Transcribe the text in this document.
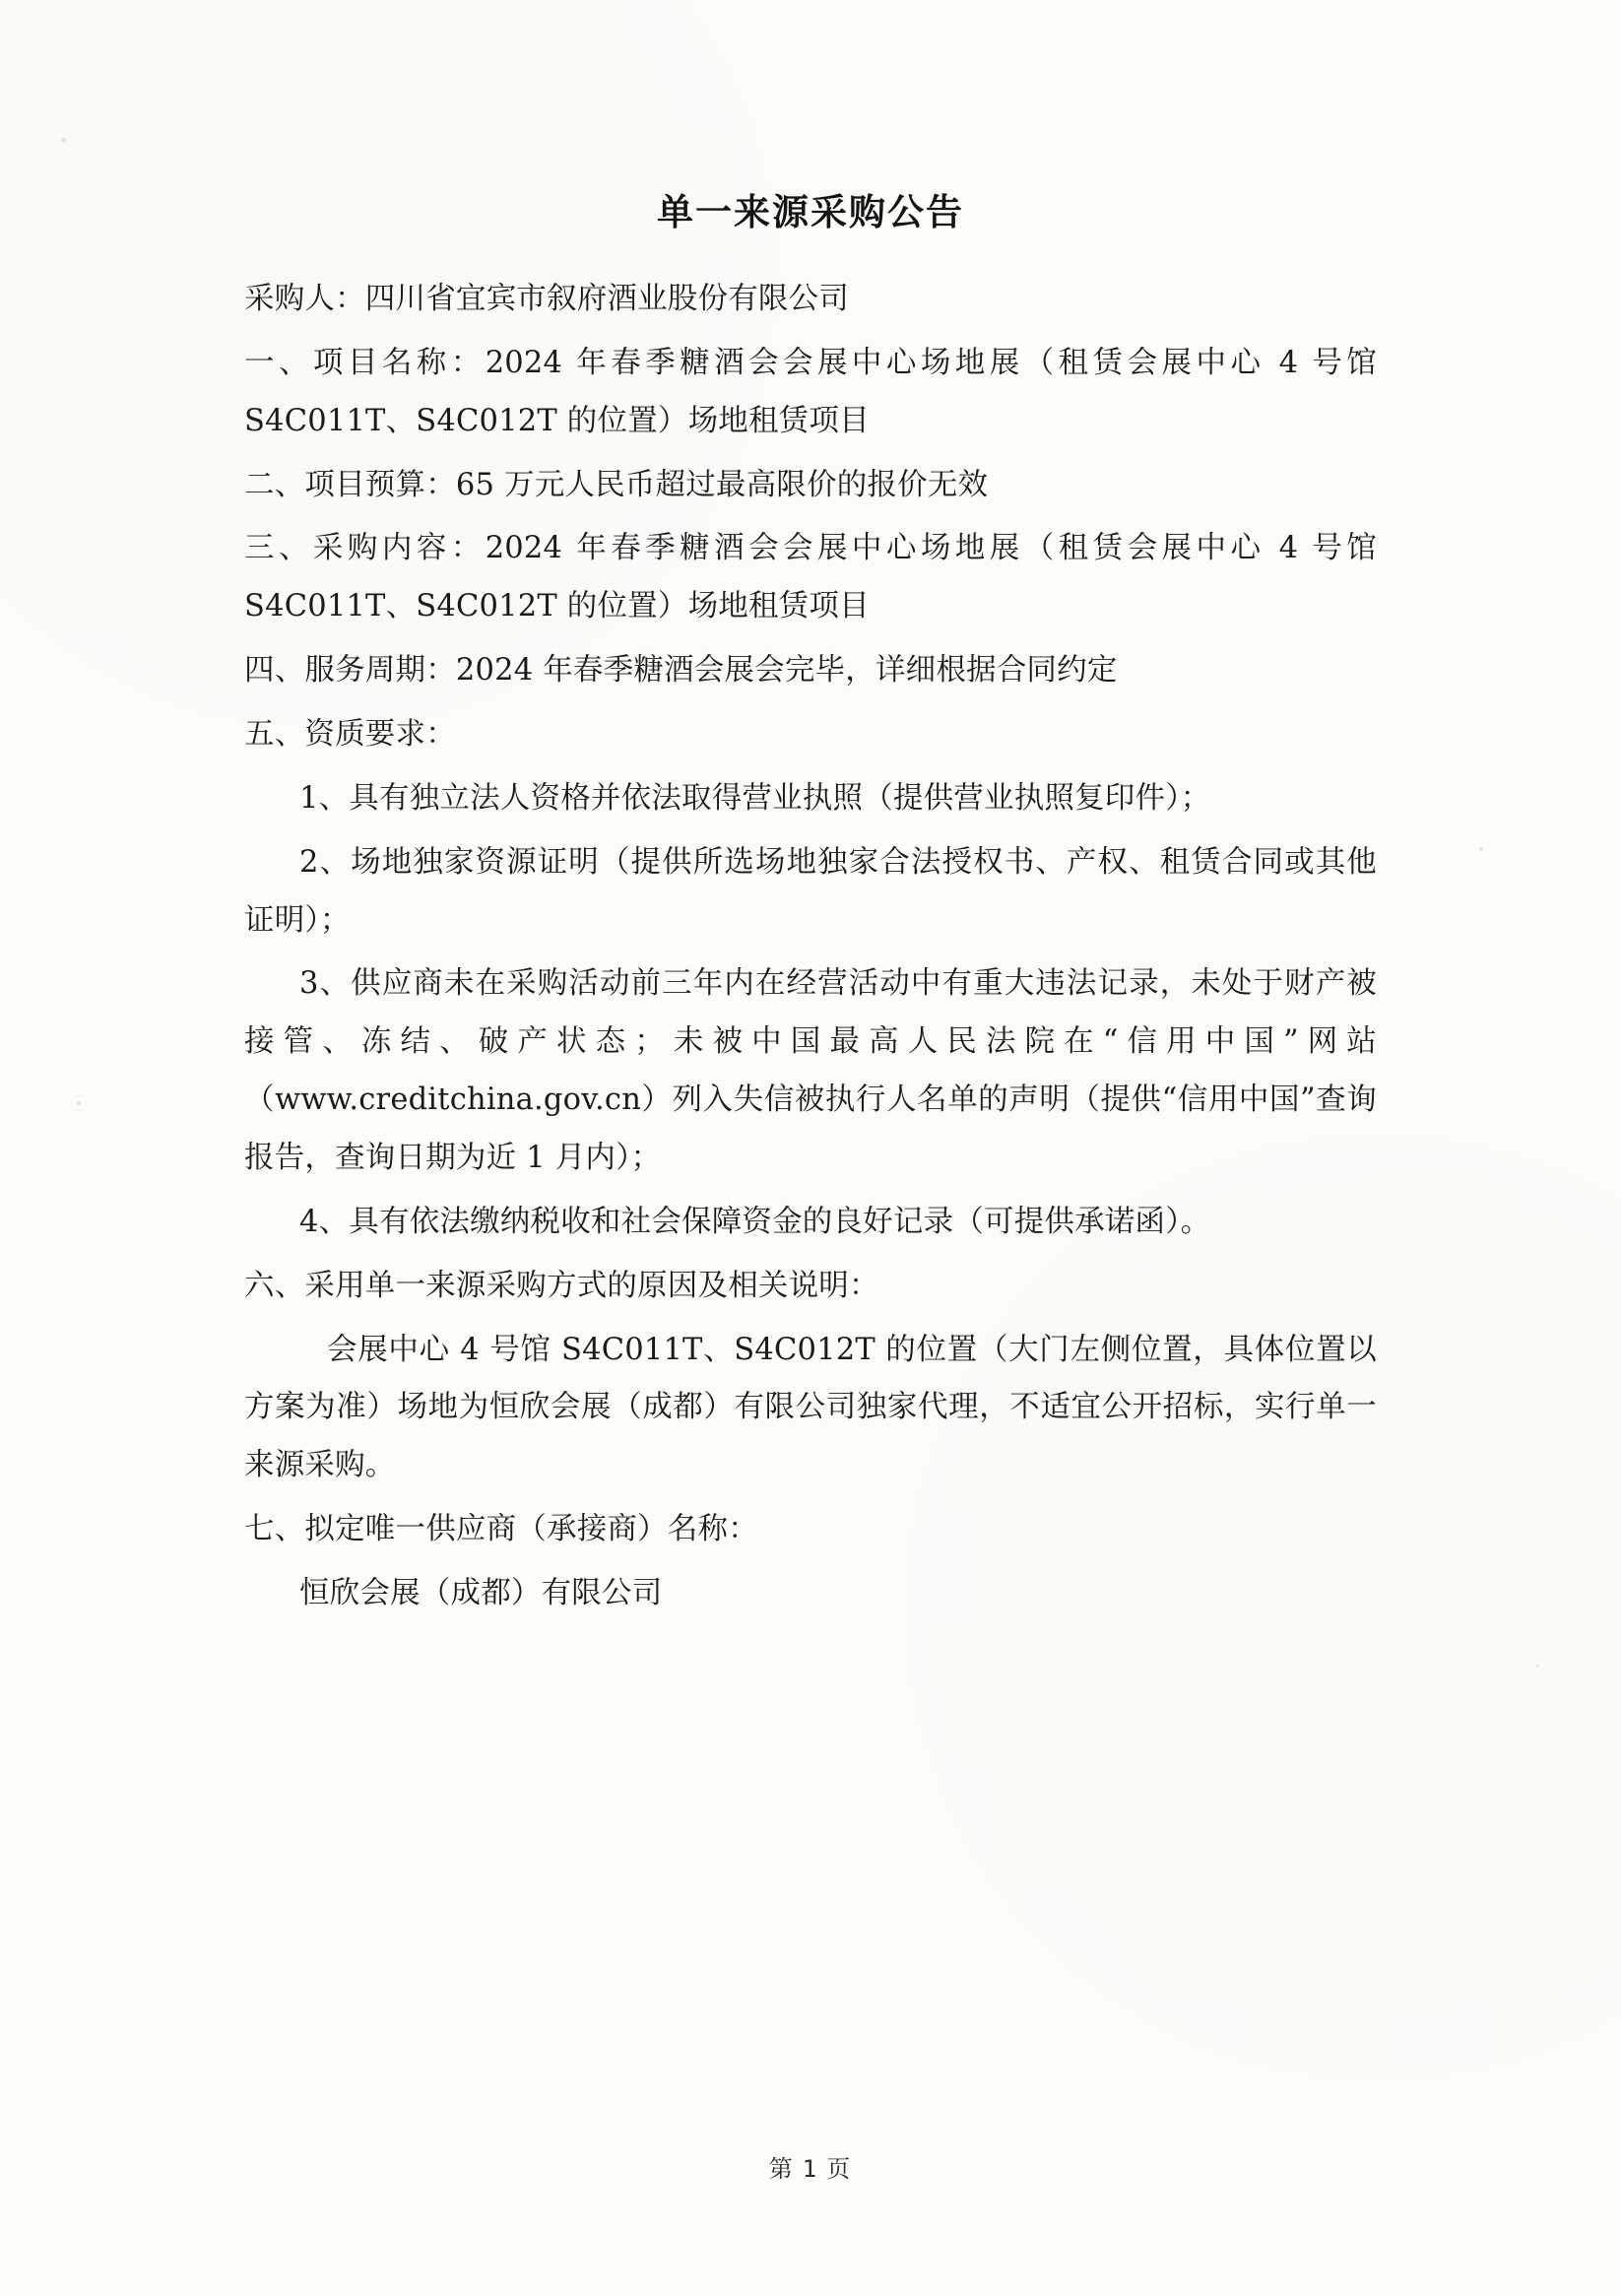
单一来源采购公告

采购人：四川省宜宾市叙府酒业股份有限公司

一、项目名称：2024 年春季糖酒会会展中心场地展（租赁会展中心 4 号馆 S4C011T、S4C012T 的位置）场地租赁项目

二、项目预算：65 万元人民币超过最高限价的报价无效

三、采购内容：2024 年春季糖酒会会展中心场地展（租赁会展中心 4 号馆 S4C011T、S4C012T 的位置）场地租赁项目

四、服务周期：2024 年春季糖酒会展会完毕，详细根据合同约定

五、资质要求：

1、具有独立法人资格并依法取得营业执照（提供营业执照复印件）；

2、场地独家资源证明（提供所选场地独家合法授权书、产权、租赁合同或其他证明）；

3、供应商未在采购活动前三年内在经营活动中有重大违法记录，未处于财产被接管、冻结、破产状态；未被中国最高人民法院在“信用中国”网站（www.creditchina.gov.cn）列入失信被执行人名单的声明（提供“信用中国”查询报告，查询日期为近 1 月内）；

4、具有依法缴纳税收和社会保障资金的良好记录（可提供承诺函）。

六、采用单一来源采购方式的原因及相关说明：

会展中心 4 号馆 S4C011T、S4C012T 的位置（大门左侧位置，具体位置以方案为准）场地为恒欣会展（成都）有限公司独家代理，不适宜公开招标，实行单一来源采购。

七、拟定唯一供应商（承接商）名称：

恒欣会展（成都）有限公司

第 1 页
